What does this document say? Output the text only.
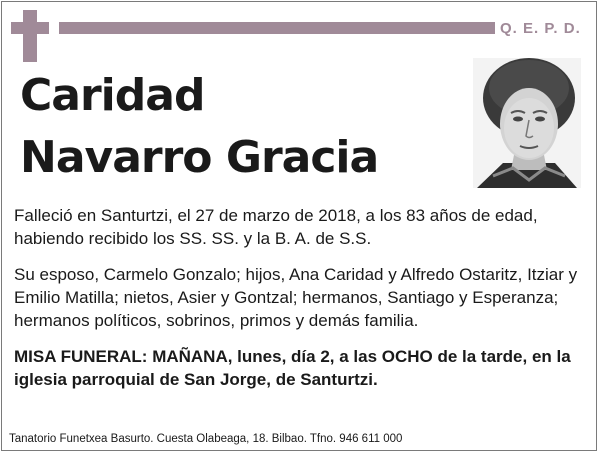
Q. E. P. D.
Caridad
Navarro Gracia
Falleció en Santurtzi, el 27 de marzo de 2018, a los 83 años de edad, habiendo recibido los SS. SS. y la B. A. de S.S.
Su esposo, Carmelo Gonzalo; hijos, Ana Caridad y Alfredo Ostaritz, Itziar y Emilio Matilla; nietos, Asier y Gontzal; hermanos, Santiago y Esperanza; hermanos políticos, sobrinos, primos y demás familia.
MISA FUNERAL: MAÑANA, lunes, día 2, a las OCHO de la tarde, en la iglesia parroquial de San Jorge, de Santurtzi.
Tanatorio Funetxea Basurto. Cuesta Olabeaga, 18. Bilbao. Tfno. 946 611 000
